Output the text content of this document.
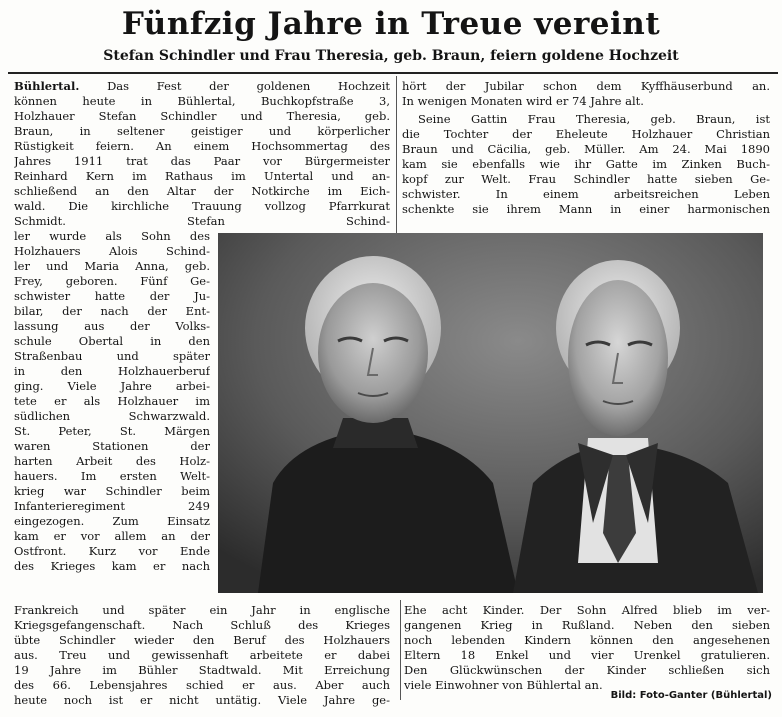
Fünfzig Jahre in Treue vereint
Stefan Schindler und Frau Theresia, geb. Braun, feiern goldene Hochzeit
Bühlertal. Das Fest der goldenen Hochzeit
können heute in Bühlertal, Buchkopfstraße 3,
Holzhauer Stefan Schindler und Theresia, geb.
Braun, in seltener geistiger und körperlicher
Rüstigkeit feiern. An einem Hochsommertag des
Jahres 1911 trat das Paar vor Bürgermeister
Reinhard Kern im Rathaus im Untertal und an-
schließend an den Altar der Notkirche im Eich-
wald. Die kirchliche Trauung vollzog Pfarrkurat
Schmidt. Stefan Schind-
hört der Jubilar schon dem Kyffhäuserbund an.
In wenigen Monaten wird er 74 Jahre alt.
Seine Gattin Frau Theresia, geb. Braun, ist
die Tochter der Eheleute Holzhauer Christian
Braun und Cäcilia, geb. Müller. Am 24. Mai 1890
kam sie ebenfalls wie ihr Gatte im Zinken Buch-
kopf zur Welt. Frau Schindler hatte sieben Ge-
schwister. In einem arbeitsreichen Leben
schenkte sie ihrem Mann in einer harmonischen
ler wurde als Sohn des
Holzhauers Alois Schind-
ler und Maria Anna, geb.
Frey, geboren. Fünf Ge-
schwister hatte der Ju-
bilar, der nach der Ent-
lassung aus der Volks-
schule Obertal in den
Straßenbau und später
in den Holzhauerberuf
ging. Viele Jahre arbei-
tete er als Holzhauer im
südlichen Schwarzwald.
St. Peter, St. Märgen
waren Stationen der
harten Arbeit des Holz-
hauers. Im ersten Welt-
krieg war Schindler beim
Infanterieregiment 249
eingezogen. Zum Einsatz
kam er vor allem an der
Ostfront. Kurz vor Ende
des Krieges kam er nach
Frankreich und später ein Jahr in englische
Kriegsgefangenschaft. Nach Schluß des Krieges
übte Schindler wieder den Beruf des Holzhauers
aus. Treu und gewissenhaft arbeitete er dabei
19 Jahre im Bühler Stadtwald. Mit Erreichung
des 66. Lebensjahres schied er aus. Aber auch
heute noch ist er nicht untätig. Viele Jahre ge-
Ehe acht Kinder. Der Sohn Alfred blieb im ver-
gangenen Krieg in Rußland. Neben den sieben
noch lebenden Kindern können den angesehenen
Eltern 18 Enkel und vier Urenkel gratulieren.
Den Glückwünschen der Kinder schließen sich
viele Einwohner von Bühlertal an.
Bild: Foto-Ganter (Bühlertal)
